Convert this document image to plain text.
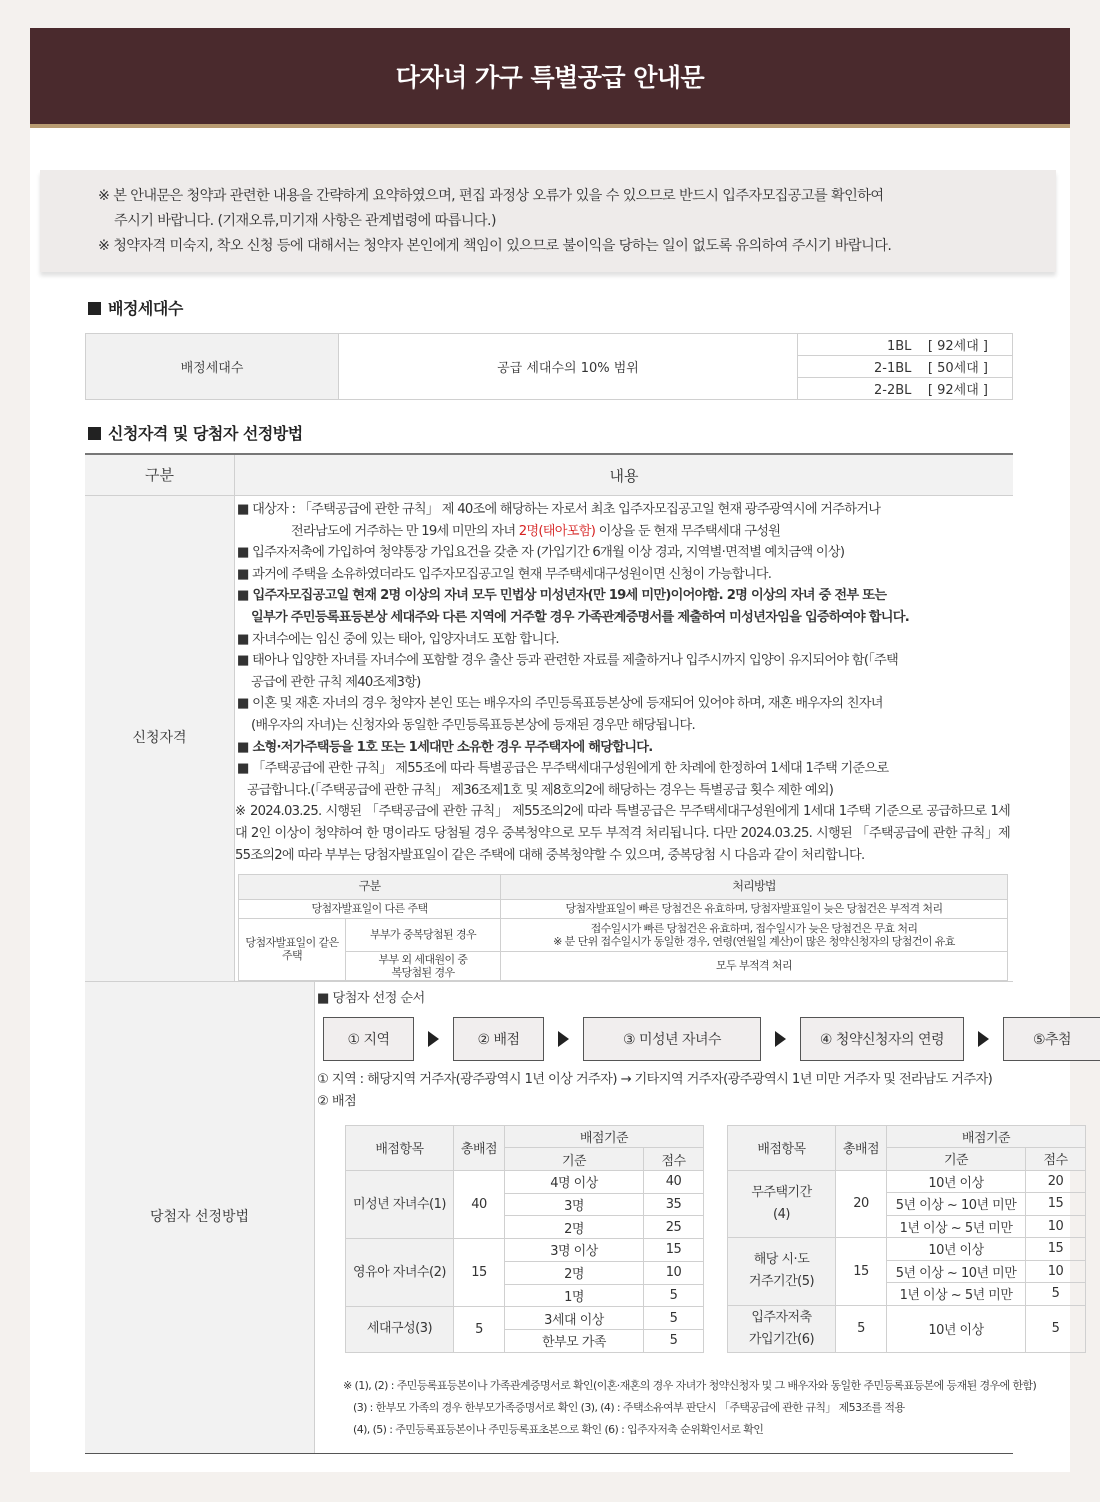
다자녀 가구 특별공급 안내문

※ 본 안내문은 청약과 관련한 내용을 간략하게 요약하였으며, 편집 과정상 오류가 있을 수 있으므로 반드시 입주자모집공고를 확인하여

주시기 바랍니다. (기재오류,미기재 사항은 관계법령에 따릅니다.)

※ 청약자격 미숙지, 착오 신청 등에 대해서는 청약자 본인에게 책임이 있으므로 불이익을 당하는 일이 없도록 유의하여 주시기 바랍니다.

배정세대수
배정세대수	공급 세대수의 10% 범위	1BL    [ 92세대 ]
2-1BL    [ 50세대 ]
2-2BL    [ 92세대 ]
신청자격 및 당첨자 선정방법
구분	내용
신청자격
■ 대상자 : 「주택공급에 관한 규칙」 제 40조에 해당하는 자로서 최초 입주자모집공고일 현재 광주광역시에 거주하거나
전라남도에 거주하는 만 19세 미만의 자녀 2명(태아포함) 이상을 둔 현재 무주택세대 구성원
■ 입주자저축에 가입하여 청약통장 가입요건을 갖춘 자 (가입기간 6개월 이상 경과, 지역별·면적별 예치금액 이상)
■ 과거에 주택을 소유하였더라도 입주자모집공고일 현재 무주택세대구성원이면 신청이 가능합니다.
■ 입주자모집공고일 현재 2명 이상의 자녀 모두 민법상 미성년자(만 19세 미만)이어야함. 2명 이상의 자녀 중 전부 또는
일부가 주민등록표등본상 세대주와 다른 지역에 거주할 경우 가족관계증명서를 제출하여 미성년자임을 입증하여야 합니다.
■ 자녀수에는 임신 중에 있는 태아, 입양자녀도 포함 합니다.
■ 태아나 입양한 자녀를 자녀수에 포함할 경우 출산 등과 관련한 자료를 제출하거나 입주시까지 입양이 유지되어야 함(「주택
공급에 관한 규칙 제40조제3항)
■ 이혼 및 재혼 자녀의 경우 청약자 본인 또는 배우자의 주민등록표등본상에 등재되어 있어야 하며, 재혼 배우자의 친자녀
(배우자의 자녀)는 신청자와 동일한 주민등록표등본상에 등재된 경우만 해당됩니다.
■ 소형·저가주택등을 1호 또는 1세대만 소유한 경우 무주택자에 해당합니다.
■ 「주택공급에 관한 규칙」 제55조에 따라 특별공급은 무주택세대구성원에게 한 차례에 한정하여 1세대 1주택 기준으로
공급합니다.(「주택공급에 관한 규칙」 제36조제1호 및 제8호의2에 해당하는 경우는 특별공급 횟수 제한 예외)
※ 2024.03.25. 시행된 「주택공급에 관한 규칙」 제55조의2에 따라 특별공급은 무주택세대구성원에게 1세대 1주택 기준으로 공급하므로 1세대 2인 이상이 청약하여 한 명이라도 당첨될 경우 중복청약으로 모두 부적격 처리됩니다. 다만 2024.03.25. 시행된 「주택공급에 관한 규칙」제55조의2에 따라 부부는 당첨자발표일이 같은 주택에 대해 중복청약할 수 있으며, 중복당첨 시 다음과 같이 처리합니다.
구분		처리방법
당첨자발표일이 다른 주택		당첨자발표일이 빠른 당첨건은 유효하며, 당첨자발표일이 늦은 당첨건은 부적격 처리
당첨자발표일이 같은 주택	부부가 중복당첨된 경우	접수일시가 빠른 당첨건은 유효하며, 접수일시가 늦은 당첨건은 무효 처리
※ 분 단위 접수일시가 동일한 경우, 연령(연월일 계산)이 많은 청약신청자의 당첨건이 유효

	부부 외 세대원이 중복당첨된 경우	모두 부적격 처리
당첨자 선정방법
■ 당첨자 선정 순서
① 지역	② 배점	③ 미성년 자녀수	④ 청약신청자의 연령	⑤추첨
① 지역 : 해당지역 거주자(광주광역시 1년 이상 거주자) → 기타지역 거주자(광주광역시 1년 미만 거주자 및 전라남도 거주자)
② 배점
배점항목	총배점	배점기준	
		기준	점수
미성년 자녀수(1)	40	4명 이상	40
		3명	35
		2명	25
영유아 자녀수(2)	15	3명 이상	15
		2명	10
		1명	5
세대구성(3)	5	3세대 이상	5
		한부모 가족	5
배점항목	총배점	배점기준	
		기준	점수
무주택기간(4)	20	10년 이상	20
		5년 이상 ~ 10년 미만	15
		1년 이상 ~ 5년 미만	10
해당 시·도 거주기간(5)	15	10년 이상	15
		5년 이상 ~ 10년 미만	10
		1년 이상 ~ 5년 미만	5
입주자저축 가입기간(6)	5	10년 이상	5
※ (1), (2) : 주민등록표등본이나 가족관계증명서로 확인(이혼·재혼의 경우 자녀가 청약신청자 및 그 배우자와 동일한 주민등록표등본에 등재된 경우에 한함)
(3) : 한부모 가족의 경우 한부모가족증명서로 확인 (3), (4) : 주택소유여부 판단시 「주택공급에 관한 규칙」 제53조를 적용
(4), (5) : 주민등록표등본이나 주민등록표초본으로 확인 (6) : 입주자저축 순위확인서로 확인
